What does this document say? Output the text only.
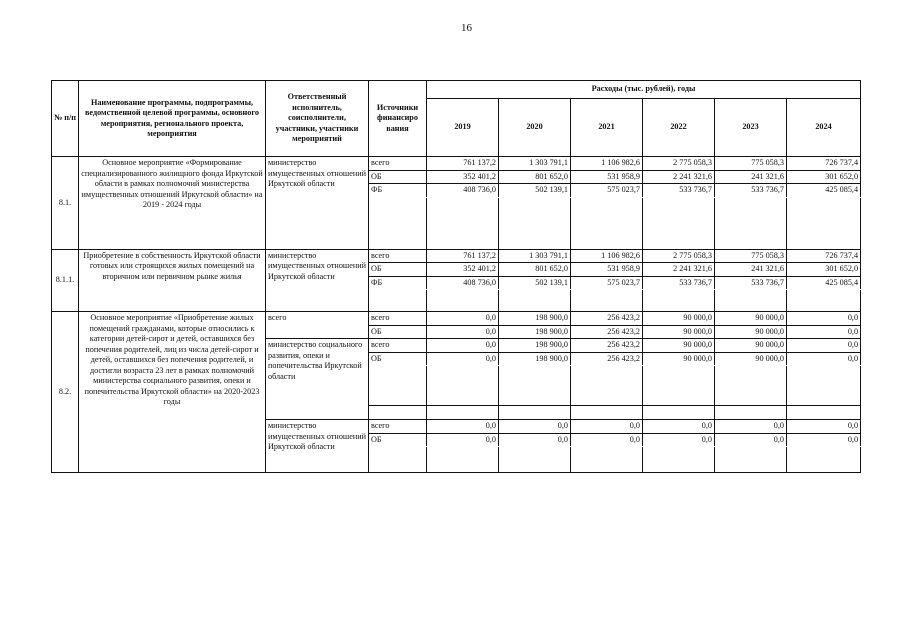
16
№ п/п	Наименование программы, подпрограммы, ведомственной целевой программы, основного мероприятия, регионального проекта, мероприятия	Ответственный исполнитель, соисполнители, участники, участники мероприятий	Источники финансиро вания	Расходы (тыс. рублей), годы					
				2019	2020	2021	2022	2023	2024
8.1.	Основное мероприятие «Формирование специализированного жилищного фонда Иркутской области в рамках полномочий министерства имущественных отношений Иркутской области» на 2019 - 2024 годы	министерство имущественных отношений Иркутской области	всего	761 137,2	1 303 791,1	1 106 982,6	2 775 058,3	775 058,3	726 737,4
			ОБ	352 401,2	801 652,0	531 958,9	2 241 321,6	241 321,6	301 652,0
			ФБ	408 736,0	502 139,1	575 023,7	533 736,7	533 736,7	425 085,4

8.1.1.	Приобретение в собственность Иркутской области готовых или строящихся жилых помещений на вторичном или первичном рынке жилья	министерство имущественных отношений Иркутской области	всего	761 137,2	1 303 791,1	1 106 982,6	2 775 058,3	775 058,3	726 737,4
			ОБ	352 401,2	801 652,0	531 958,9	2 241 321,6	241 321,6	301 652,0
			ФБ	408 736,0	502 139,1	575 023,7	533 736,7	533 736,7	425 085,4

8.2.	Основное мероприятие «Приобретение жилых помещений гражданами, которые относились к категории детей-сирот и детей, оставшихся без попечения родителей, лиц из числа детей-сирот и детей, оставшихся без попечения родителей, и достигли возраста 23 лет в рамках полномочий министерства социального развития, опеки и попечительства Иркутской области» на 2020-2023 годы	всего	всего	0,0	198 900,0	256 423,2	90 000,0	90 000,0	0,0
			ОБ	0,0	198 900,0	256 423,2	90 000,0	90 000,0	0,0
		министерство социального развития, опеки и попечительства Иркутской области	всего	0,0	198 900,0	256 423,2	90 000,0	90 000,0	0,0
			ОБ	0,0	198 900,0	256 423,2	90 000,0	90 000,0	0,0

		министерство имущественных отношений Иркутской области	всего	0,0	0,0	0,0	0,0	0,0	0,0
			ОБ	0,0	0,0	0,0	0,0	0,0	0,0
